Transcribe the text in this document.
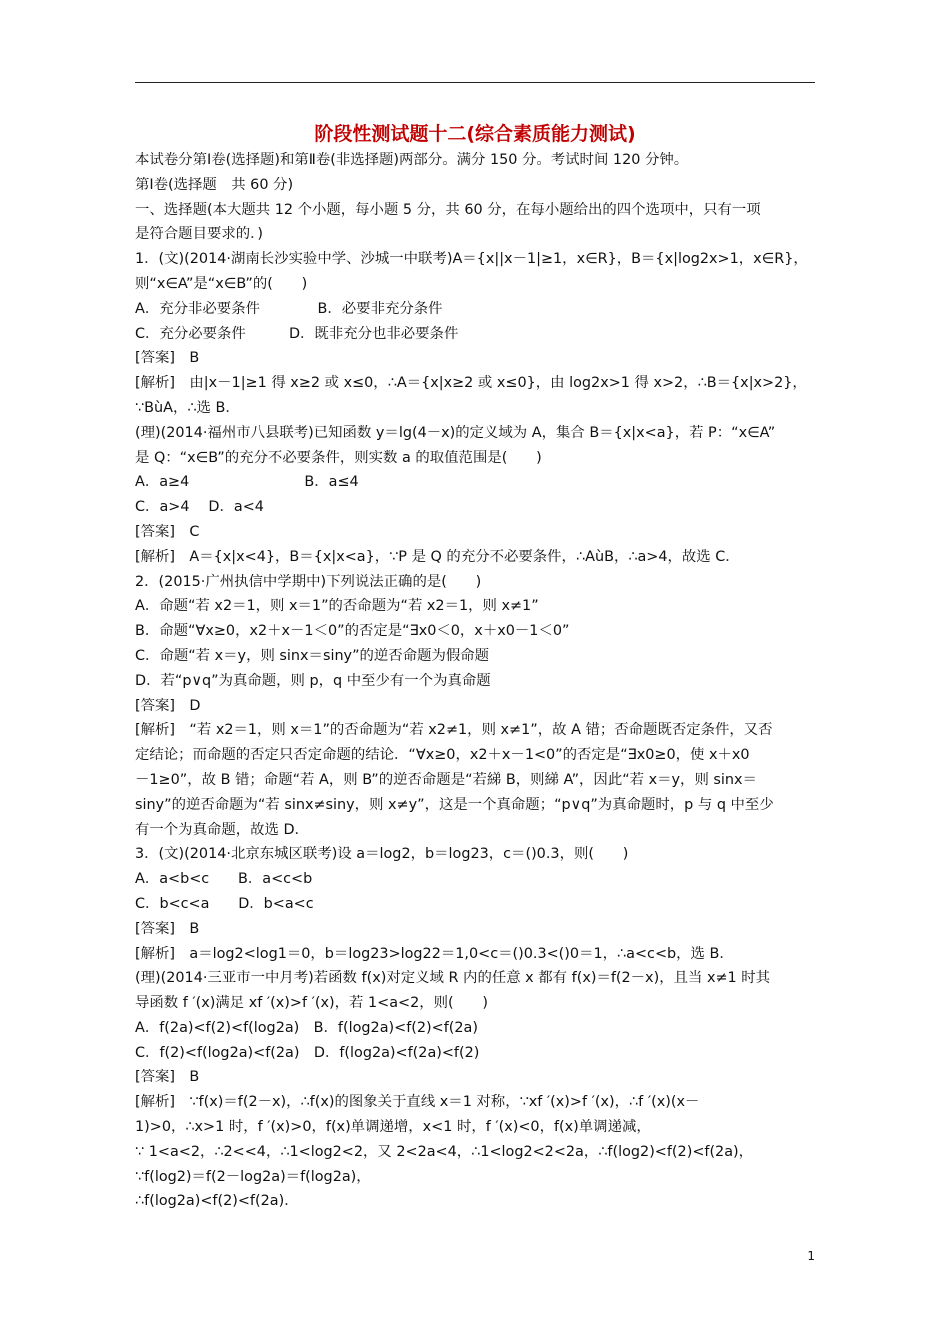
阶段性测试题十二(综合素质能力测试)

本试卷分第Ⅰ卷(选择题)和第Ⅱ卷(非选择题)两部分。满分 150 分。考试时间 120 分钟。

第Ⅰ卷(选择题　共 60 分)

一、选择题(本大题共 12 个小题，每小题 5 分，共 60 分，在每小题给出的四个选项中，只有一项

是符合题目要求的．)

1．(文)(2014·湖南长沙实验中学、沙城一中联考)A＝{x||x－1|≥1，x∈R}，B＝{x|log2x>1，x∈R}，

则“x∈A”是“x∈B”的(　　)

A．充分非必要条件　　　　B．必要非充分条件

C．充分必要条件　　　D．既非充分也非必要条件

[答案]　B

[解析]　由|x－1|≥1 得 x≥2 或 x≤0，∴A＝{x|x≥2 或 x≤0}，由 log2x>1 得 x>2，∴B＝{x|x>2}，

∵BùA，∴选 B．

(理)(2014·福州市八县联考)已知函数 y＝lg(4－x)的定义域为 A，集合 B＝{x|x<a}，若 P：“x∈A”

是 Q：“x∈B”的充分不必要条件，则实数 a 的取值范围是(　　)

A．a≥4　　　　　　　　B．a≤4

C．a>4　 D．a<4

[答案]　C

[解析]　A＝{x|x<4}，B＝{x|x<a}，∵P 是 Q 的充分不必要条件，∴AùB，∴a>4，故选 C．

2．(2015·广州执信中学期中)下列说法正确的是(　　)

A．命题“若 x2＝1，则 x＝1”的否命题为“若 x2＝1，则 x≠1”

B．命题“∀x≥0，x2＋x－1＜0”的否定是“∃x0＜0，x＋x0－1＜0”

C．命题“若 x＝y，则 sinx＝siny”的逆否命题为假命题

D．若“p∨q”为真命题，则 p，q 中至少有一个为真命题

[答案]　D

[解析]　“若 x2＝1，则 x＝1”的否命题为“若 x2≠1，则 x≠1”，故 A 错；否命题既否定条件，又否

定结论；而命题的否定只否定命题的结论．“∀x≥0，x2＋x－1<0”的否定是“∃x0≥0，使 x＋x0

－1≥0”，故 B 错；命题“若 A，则 B”的逆否命题是“若綈 B，则綈 A”，因此“若 x＝y，则 sinx＝

siny”的逆否命题为“若 sinx≠siny，则 x≠y”，这是一个真命题；“p∨q”为真命题时，p 与 q 中至少

有一个为真命题，故选 D．

3．(文)(2014·北京东城区联考)设 a＝log2，b＝log23，c＝()0.3，则(　　)

A．a<b<c　　B．a<c<b

C．b<c<a　　D．b<a<c

[答案]　B

[解析]　a＝log2<log1＝0，b＝log23>log22＝1,0<c＝()0.3<()0＝1，∴a<c<b，选 B．

(理)(2014·三亚市一中月考)若函数 f(x)对定义域 R 内的任意 x 都有 f(x)＝f(2－x)，且当 x≠1 时其

导函数 f ′(x)满足 xf ′(x)>f ′(x)，若 1<a<2，则(　　)

A．f(2a)<f(2)<f(log2a)　B．f(log2a)<f(2)<f(2a)

C．f(2)<f(log2a)<f(2a)　D．f(log2a)<f(2a)<f(2)

[答案]　B

[解析]　∵f(x)＝f(2－x)，∴f(x)的图象关于直线 x＝1 对称，∵xf ′(x)>f ′(x)，∴f ′(x)(x－

1)>0，∴x>1 时，f ′(x)>0，f(x)单调递增，x<1 时，f ′(x)<0，f(x)单调递减，

∵ 1<a<2，∴2<<4，∴1<log2<2，又 2<2a<4，∴1<log2<2<2a，∴f(log2)<f(2)<f(2a)，

∵f(log2)＝f(2－log2a)＝f(log2a)，

∴f(log2a)<f(2)<f(2a)．

1
